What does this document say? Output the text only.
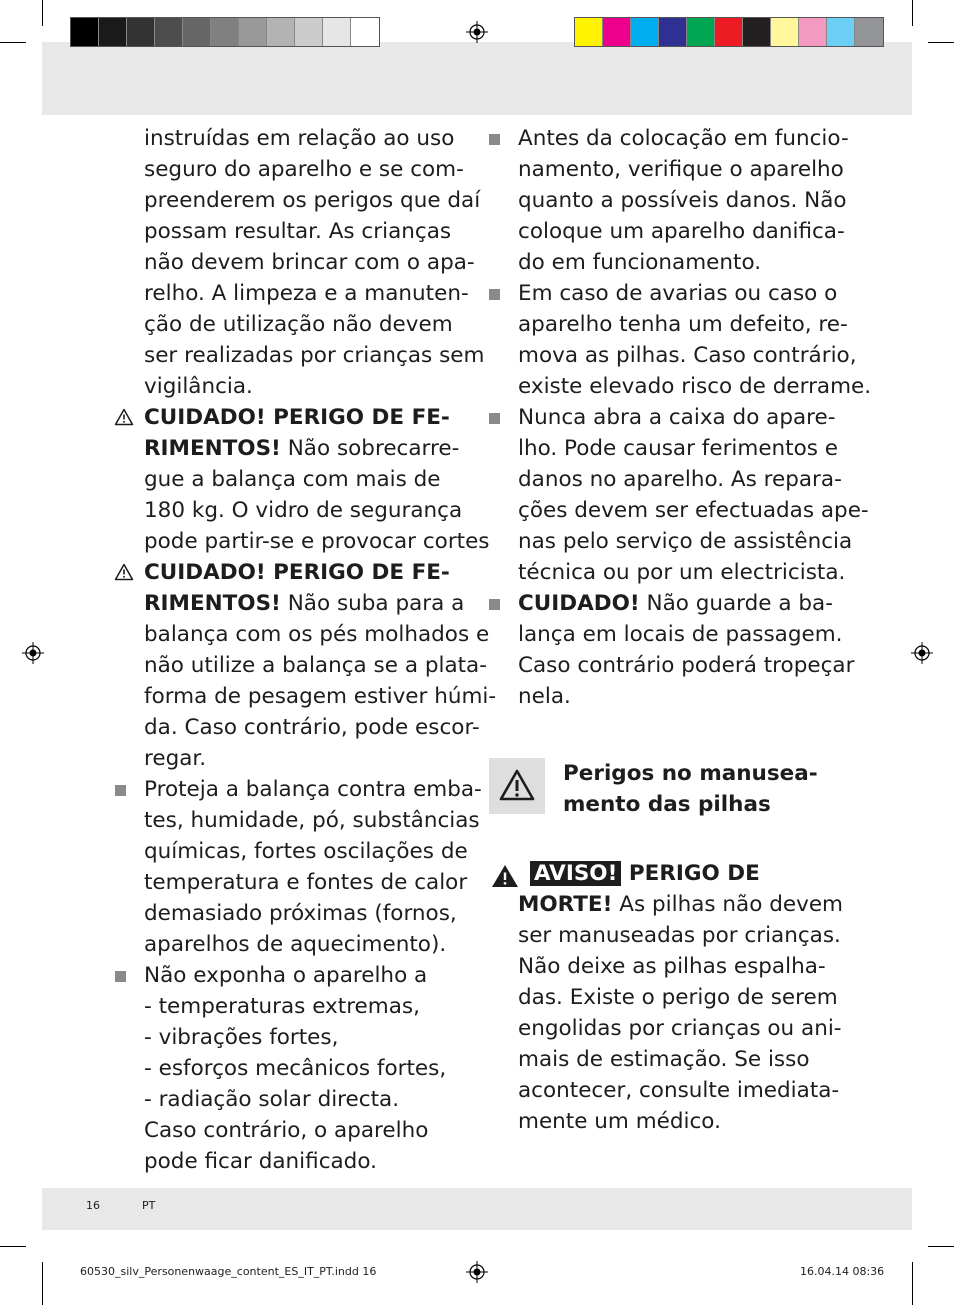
instruídas em relação ao uso
seguro do aparelho e se com-
preenderem os perigos que daí
possam resultar. As crianças
não devem brincar com o apa-
relho. A limpeza e a manuten-
ção de utilização não devem
ser realizadas por crianças sem
vigilância.
CUIDADO! PERIGO DE FE-
RIMENTOS! Não sobrecarre-
gue a balança com mais de
180 kg. O vidro de segurança
pode partir-se e provocar cortes
CUIDADO! PERIGO DE FE-
RIMENTOS! Não suba para a
balança com os pés molhados e
não utilize a balança se a plata-
forma de pesagem estiver húmi-
da. Caso contrário, pode escor-
regar.
Proteja a balança contra emba-
tes, humidade, pó, substâncias
químicas, fortes oscilações de
temperatura e fontes de calor
demasiado próximas (fornos,
aparelhos de aquecimento).
Não exponha o aparelho a
- temperaturas extremas,
- vibrações fortes,
- esforços mecânicos fortes,
- radiação solar directa.
Caso contrário, o aparelho
pode ficar danificado.
Antes da colocação em funcio-
namento, verifique o aparelho
quanto a possíveis danos. Não
coloque um aparelho danifica-
do em funcionamento.
Em caso de avarias ou caso o
aparelho tenha um defeito, re-
mova as pilhas. Caso contrário,
existe elevado risco de derrame.
Nunca abra a caixa do apare-
lho. Pode causar ferimentos e
danos no aparelho. As repara-
ções devem ser efectuadas ape-
nas pelo serviço de assistência
técnica ou por um electricista.
CUIDADO! Não guarde a ba-
lança em locais de passagem.
Caso contrário poderá tropeçar
nela.
Perigos no manusea-
mento das pilhas
AVISO! PERIGO DE
MORTE! As pilhas não devem
ser manuseadas por crianças.
Não deixe as pilhas espalha-
das. Existe o perigo de serem
engolidas por crianças ou ani-
mais de estimação. Se isso
acontecer, consulte imediata-
mente um médico.
16	PT
60530_silv_Personenwaage_content_ES_IT_PT.indd 16	16.04.14 08:36
